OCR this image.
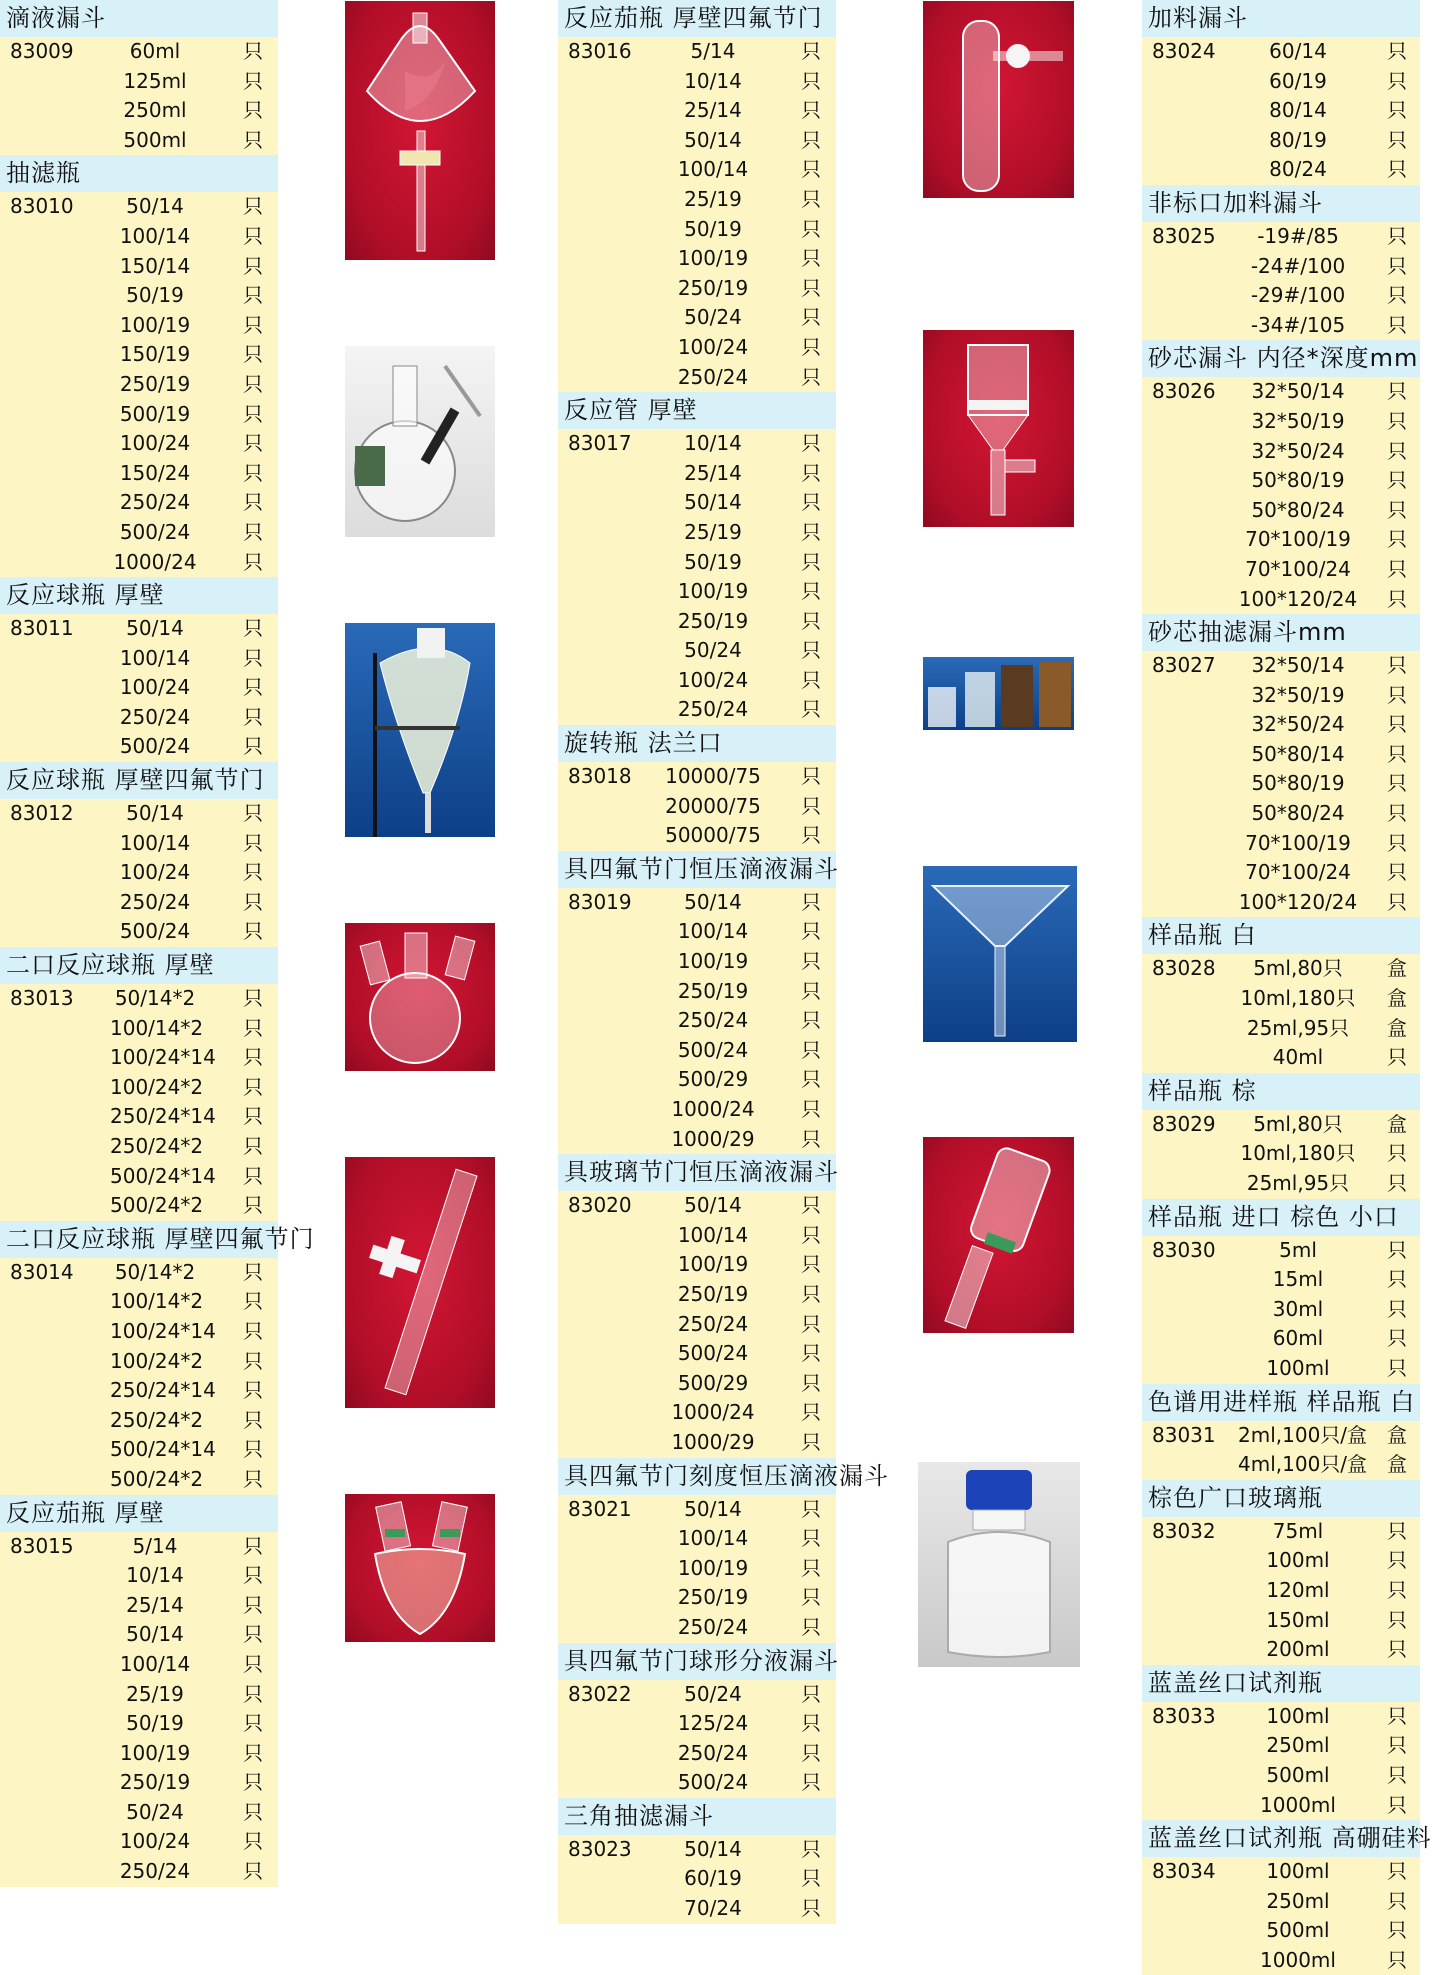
滴液漏斗
83009	60ml	只
125ml	只
250ml	只
500ml	只
抽滤瓶
83010	50/14	只
100/14	只
150/14	只
50/19	只
100/19	只
150/19	只
250/19	只
500/19	只
100/24	只
150/24	只
250/24	只
500/24	只
1000/24 只
反应球瓶 厚壁
83011	50/14	只
100/14	只
100/24	只
250/24	只
500/24	只
反应球瓶 厚壁四氟节门
83012	50/14	只
100/14	只
100/24	只
250/24	只
500/24	只
二口反应球瓶 厚壁
83013 50/14*2 只
100/14*2 只
100/24*14 只
100/24*2 只
250/24*14 只
250/24*2 只
500/24*14 只
500/24*2 只
二口反应球瓶 厚壁四氟节门
83014 50/14*2 只
100/14*2 只
100/24*14 只
100/24*2 只
250/24*14 只
250/24*2 只
500/24*14 只
500/24*2 只
反应茄瓶 厚壁
83015	5/14	只
10/14	只
25/14	只
50/14	只
100/14	只
25/19	只
50/19	只
100/19	只
250/19	只
50/24	只
100/24	只
250/24	只
反应茄瓶 厚壁四氟节门
83016	5/14	只
10/14	只
25/14	只
50/14	只
100/14	只
25/19	只
50/19	只
100/19	只
250/19	只
50/24	只
100/24	只
250/24	只
反应管 厚壁
83017	10/14	只
25/14	只
50/14	只
25/19	只
50/19	只
100/19	只
250/19	只
50/24	只
100/24	只
250/24	只
旋转瓶 法兰口
83018	10000/75	只
20000/75	只
50000/75	只
具四氟节门恒压滴液漏斗
83019	50/14	只
100/14	只
100/19	只
250/19	只
250/24	只
500/24	只
500/29	只
1000/24	只
1000/29	只
具玻璃节门恒压滴液漏斗
83020	50/14	只
100/14	只
100/19	只
250/19	只
250/24	只
500/24	只
500/29	只
1000/24	只
1000/29	只
具四氟节门刻度恒压滴液漏斗
83021	50/14	只
100/14	只
100/19	只
250/19	只
250/24	只
具四氟节门球形分液漏斗
83022	50/24	只
125/24	只
250/24	只
500/24	只
三角抽滤漏斗
83023	50/14	只
60/19	只
70/24	只
加料漏斗
83024	60/14	只
60/19	只
80/14	只
80/19	只
80/24	只
非标口加料漏斗
83025	-19#/85	只
-24#/100	只
-29#/100	只
-34#/105	只
砂芯漏斗 内径*深度mm
83026	32*50/14	只
32*50/19	只
32*50/24	只
50*80/19	只
50*80/24	只
70*100/19	只
70*100/24	只
100*120/24 只
砂芯抽滤漏斗mm
83027	32*50/14	只
32*50/19	只
32*50/24	只
50*80/14	只
50*80/19	只
50*80/24	只
70*100/19	只
70*100/24	只
100*120/24 只
样品瓶 白
83028	5ml,80只	盒
10ml,180只 盒
25ml,95只	盒
40ml	只
样品瓶 棕
83029	5ml,80只	盒
10ml,180只 只
25ml,95只	只
样品瓶 进口 棕色 小口
83030	5ml	只
15ml	只
30ml	只
60ml	只
100ml	只
色谱用进样瓶 样品瓶 白
83031 2ml,100只/盒 盒
4ml,100只/盒 盒
棕色广口玻璃瓶
83032	75ml	只
100ml	只
120ml	只
150ml	只
200ml	只
蓝盖丝口试剂瓶
83033	100ml	只
250ml	只
500ml	只
1000ml	只
蓝盖丝口试剂瓶 高硼硅料
83034	100ml	只
250ml	只
500ml	只
1000ml	只
